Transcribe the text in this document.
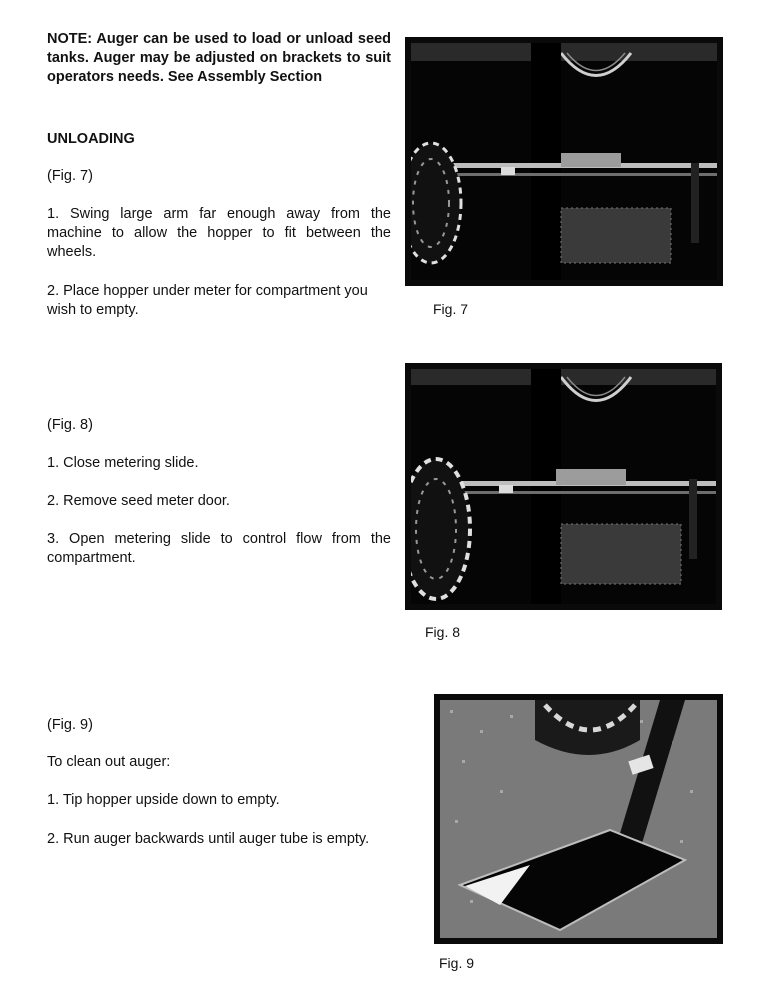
NOTE: Auger can be used to load or unload seed tanks. Auger may be adjusted on brackets to suit operators needs. See Assembly Section

UNLOADING

(Fig. 7)

1. Swing large arm far enough away from the machine to allow the hopper to fit between the wheels.

2. Place hopper under meter for compartment you wish to empty.	Fig. 7

(Fig. 8)

1. Close metering slide.

2. Remove seed meter door.

3. Open metering slide to control flow from the compartment.

Fig. 8

(Fig. 9)

To clean out auger:

1. Tip hopper upside down to empty.

2. Run auger backwards until auger tube is empty.

Fig. 9
